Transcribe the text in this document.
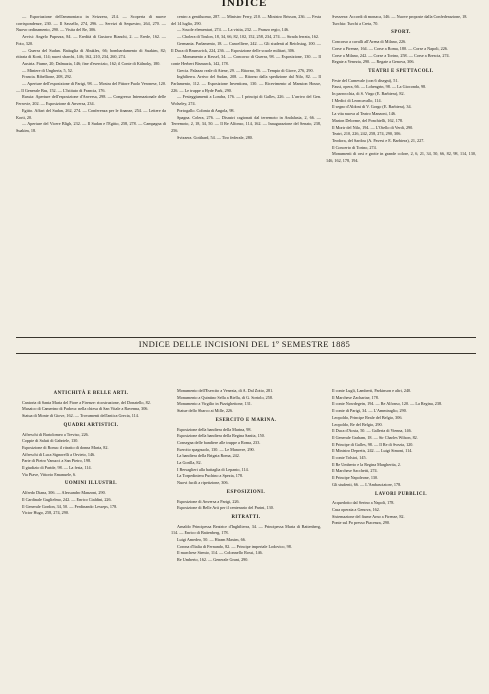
INDICE

— Esportazione dell'ammoniaca in Svizzera, 214. — Scoperta di nuove corrispondenze, 230. — Il Sassello, 274, 296. — Servizi di Sequestro, 264, 270. — Nuovo ordinamento, 290. — Visita del Re, 306.

Avvisi: Angelo Pupezza, 84. — Eredità di Gustavo Bianchi, 2. — Erede, 162. — Foto, 320.

— Guerra del Sudan. Battaglia di Abukles, 66; bombardamento di Suakim, 82; ritirata di Korti, 114; nuovi sbarchi, 146; 162, 210, 234, 260, 274.

Austria. Fiume, 20; Dalmazia, 146; fine d'esercizio, 162; il Conte di Kálnoky, 180.

— Miniere di Ungheria, 5, 52.

Francia. Ribellione, 208, 292.

— Aperture dell'esposizione di Parigi, 98. — Mostra del Pittore Paolo Veronese, 120. — Il Generale Bas, 152. — L'Istituto di Francia, 176.

Russia: Aperture dell'esposizione d'Anversa, 298. — Congresso Internazionale delle Ferrovie, 202. — Esposizione di Anversa, 234.

Egitto. Affari del Sudan, 262, 274. — Conferenza per le finanze, 254. — Lettere da Korti, 20.

— Aperture del Vicere Bligh, 232. — Il Sudan e l'Egitto, 258, 278. — Campagna di Suakim, 18.

centro a gentiluomo, 287. — Ministro Ferry, 210. — Ministro Brisson, 236. — Festa del 14 luglio, 290.

— Scuole elementari, 274. — La visita, 232. — Pranzo regio, 146.

— Cholera di Toulon, 18, 34, 66, 82, 102, 152, 258, 234, 274. — Strada ferrata, 162.

Germania. Parlamento, 18. — Cancelliere, 242. — Gli studenti al Reichstag, 100. — Il Duca di Brunswick, 224, 236. — Esposizione delle scuole militari, 306.

— Monumento a Kessel, 34. — Concorso di Guerra, 98. — Esposizione, 130. — Il conte Herbert Bismarck, 142, 178.

Grecia. Palazzo reale di Atene, 29. — Ritorno, 56. — Tempio di Giove, 276, 290.

Inghilterra. Arrivo del Sudan, 208. — Ritorno dalla spedizione dal Nilo, 82. — Il Parlamento, 112. — Esposizione Inventions, 130. — Ricevimento al Mansion House, 226. — Le truppe a Hyde Park, 290.

— Festeggiamenti a Londra, 176. — I principi di Galles, 226. — L'arrivo del Gen. Wolseley, 274.

Portogallo. Colonia di Angola, 98.

Spagna. Colera, 276. — Disastri cagionati dal terremoto in Andalusia, 2, 66. — Terremoto, 2, 18, 34, 50. — Il Re Alfonso, 114, 162. — Inaugurazione del Senato, 238, 256.

Svizzera. Gotthard, 54. — Tiro federale, 280.

Svezzera: Accordi di monaca, 146. — Nuove proposte dalla Confederazione, 18.

Turchia: Turchi a Creta, 70.

SPORT.

Concorso a cavalli all'Arena di Milano, 226.

Corse a Firenze, 164. — Corse a Roma, 180. — Corse a Napoli, 226.

Corse a Milano, 242. — Corse a Torino, 258. — Corse a Brescia, 274.

Regate a Venezia, 290. — Regate a Genova, 306.

TEATRI E SPETTACOLI.

Feste del Carnevale (con 6 disegni), 51.

Faust, opera, 66. — Lohengrin, 98. — La Gioconda, 98.

In parrocchia, di S. Virgo (E. Barbiera), 82.

I Medici di Leoncavallo, 114.

Il segno d'Aldoni di V. Gorgo (E. Barbiera), 34.

La vita nuova al Teatro Manzoni, 146.

Marion Delorme, del Ponchielli, 162, 178.

Il Morir del Nilo, 194. — L'Otello di Verdi, 290.

Teatri, 210, 226, 242, 258, 274, 290, 306.

Teodora, del Sardou (A. Pavesi e E. Barbiera), 21, 227.

Il Concerto di Torino, 274.

Monumenti di orsi e grotte in grande colore, 2, 6, 21, 34, 50, 66, 82, 98, 114, 130, 146, 162, 178, 194.

INDICE DELLE INCISIONI DEL 1º SEMESTRE 1885

ANTICHITÀ E BELLE ARTI.

Cantoria di Santa Maria del Fiore a Firenze: ricostruzione, del Donatello, 82.

Musaico di Camerino di Padova: nella chiesa di San Vitale a Ravenna, 306.

Statua di Monte di Giove, 162. — Trovamenti dell'antica Grecia, 114.

QUADRI ARTISTICI.

Affreschi di Bartolomeo a Treviso, 226.

Coppie di Saluti di Gabriele, 130.

Esposizione di Roma: il ritratto di donna Maria, 82.

Affreschi di Luca Signorelli a Orvieto, 146.

Parte di Pietro Vanucci a San Pietro, 198.

Il giudizio di Paride, 98. — La festa, 114.

Via Piave, Vittorio Emanuele, 6.

UOMINI ILLUSTRI.

Alfredo Diana, 306. — Alessandro Manzoni, 290.

Il Cardinale Guglielmo, 242. — Enrico Cialdini, 226.

Il Generale Gordon, 34, 50. — Ferdinando Lesseps, 178.

Victor Hugo, 258, 274, 290.

Monumento dell'Esercito a Venezia, di A. Dal Zotto, 281.

Monumento a Quintino Sella a Biella, di G. Sortolo, 258.

Monumento a Virgilio in Pizzighettone, 131.

Statue dello Sbarco ai Mille, 226.

ESERCITO E MARINA.

Esposizione della bandiera della Marina, 98.

Esposizione della bandiera della Regina Sanita, 150.

Consegna delle bandiere alle truppe a Roma, 233.

Esercito spagnuolo, 130. — Le Manovre, 290.

La bandiera della Brigata Roma, 242.

La Gorilla, 82.

I Bersaglieri alla battaglia di Lepanto, 114.

La Torpediniera Puchino a Spezia, 178.

Nuovi fucili a ripetizione, 306.

ESPOSIZIONI.

Esposizione di Anversa a Parigi, 226.

Esposizione di Belle Arti per il centenario del Parini, 130.

RITRATTI.

Arnaldo Principessa Beatrice d'Inghilterra, 34. — Principessa Maria di Battenberg, 114. — Enrico di Battenberg, 178.

Luigi Amedeo, 50. — Hiram Maxim, 66.

Corona d'Italia di Fernando, 82. — Principe imperiale Lodovico, 98.

Il marchese Sirmio, 114. — Colonnello Rossi, 146.

Re Umberto, 162. — Generale Grant, 290.

Il conte Lugli, Lamberti, Parkinson e altri, 240.

Il Marchese Zachariae, 178.

Il conte Nowdegein, 194. — Re Alfonso, 120. — La Regina, 238.

Il conte di Parigi, 34. — L'Ammiraglio, 290.

Leopoldo, Principe Reale del Belgio, 306.

Leopoldo, Re del Belgio, 290.

Il Duca d'Aosta, 50. — Galleria di Vienna, 146.

Il Generale Graham, 18. — Sir Charles Wilson, 82.

Il Principe di Galles, 98. — Il Re di Svezia, 120.

Il Ministro Depretis, 242. — Luigi Simoni, 114.

Il conte Tolstoi, 145.

Il Re Umberto e la Regina Margherita, 2.

Il Marchese Sacchetti, 274.

Il Principe Napoleone, 130.

Gli studenti, 66. — L'Ambasciatore, 178.

LAVORI PUBBLICI.

Acquedotto dal Serino a Napoli, 178.

Casa operaia a Genova, 162.

Sistemazione del fiume Arno a Firenze, 82.

Ponte sul Po presso Piacenza, 290.
